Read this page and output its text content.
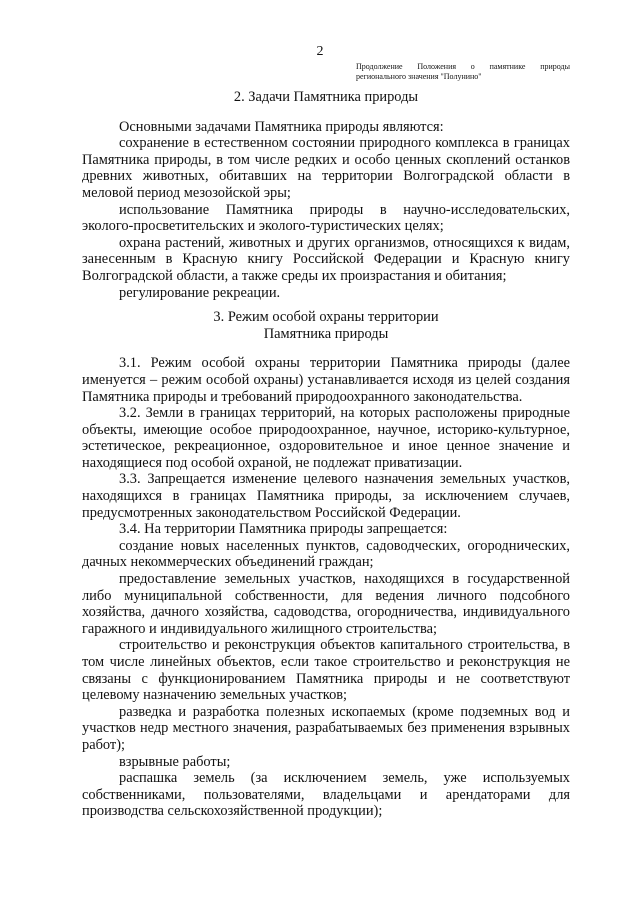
2
Продолжение Положения о памятнике природы
регионального значения "Полунино"
2. Задачи Памятника природы

Основными задачами Памятника природы являются:

сохранение в естественном состоянии природного комплекса в границах Памятника природы, в том числе редких и особо ценных скоплений останков древних животных, обитавших на территории Волгоградской области в меловой период мезозойской эры;

использование Памятника природы в научно-исследовательских, эколого-просветительских и эколого-туристических целях;

охрана растений, животных и других организмов, относящихся к видам, занесенным в Красную книгу Российской Федерации и Красную книгу Волгоградской области, а также среды их произрастания и обитания;

регулирование рекреации.

3. Режим особой охраны территории
Памятника природы

3.1. Режим особой охраны территории Памятника природы (далее именуется – режим особой охраны) устанавливается исходя из целей создания Памятника природы и требований природоохранного законодательства.

3.2. Земли в границах территорий, на которых расположены природные объекты, имеющие особое природоохранное, научное, историко-культурное, эстетическое, рекреационное, оздоровительное и иное ценное значение и находящиеся под особой охраной, не подлежат приватизации.

3.3. Запрещается изменение целевого назначения земельных участков, находящихся в границах Памятника природы, за исключением случаев, предусмотренных законодательством Российской Федерации.

3.4. На территории Памятника природы запрещается:

создание новых населенных пунктов, садоводческих, огороднических, дачных некоммерческих объединений граждан;

предоставление земельных участков, находящихся в государственной либо муниципальной собственности, для ведения личного подсобного хозяйства, дачного хозяйства, садоводства, огородничества, индивидуального гаражного и индивидуального жилищного строительства;

строительство и реконструкция объектов капитального строительства, в том числе линейных объектов, если такое строительство и реконструкция не связаны с функционированием Памятника природы и не соответствуют целевому назначению земельных участков;

разведка и разработка полезных ископаемых (кроме подземных вод и участков недр местного значения, разрабатываемых без применения взрывных работ);

взрывные работы;

распашка земель (за исключением земель, уже используемых собственниками, пользователями, владельцами и арендаторами для производства сельскохозяйственной продукции);
